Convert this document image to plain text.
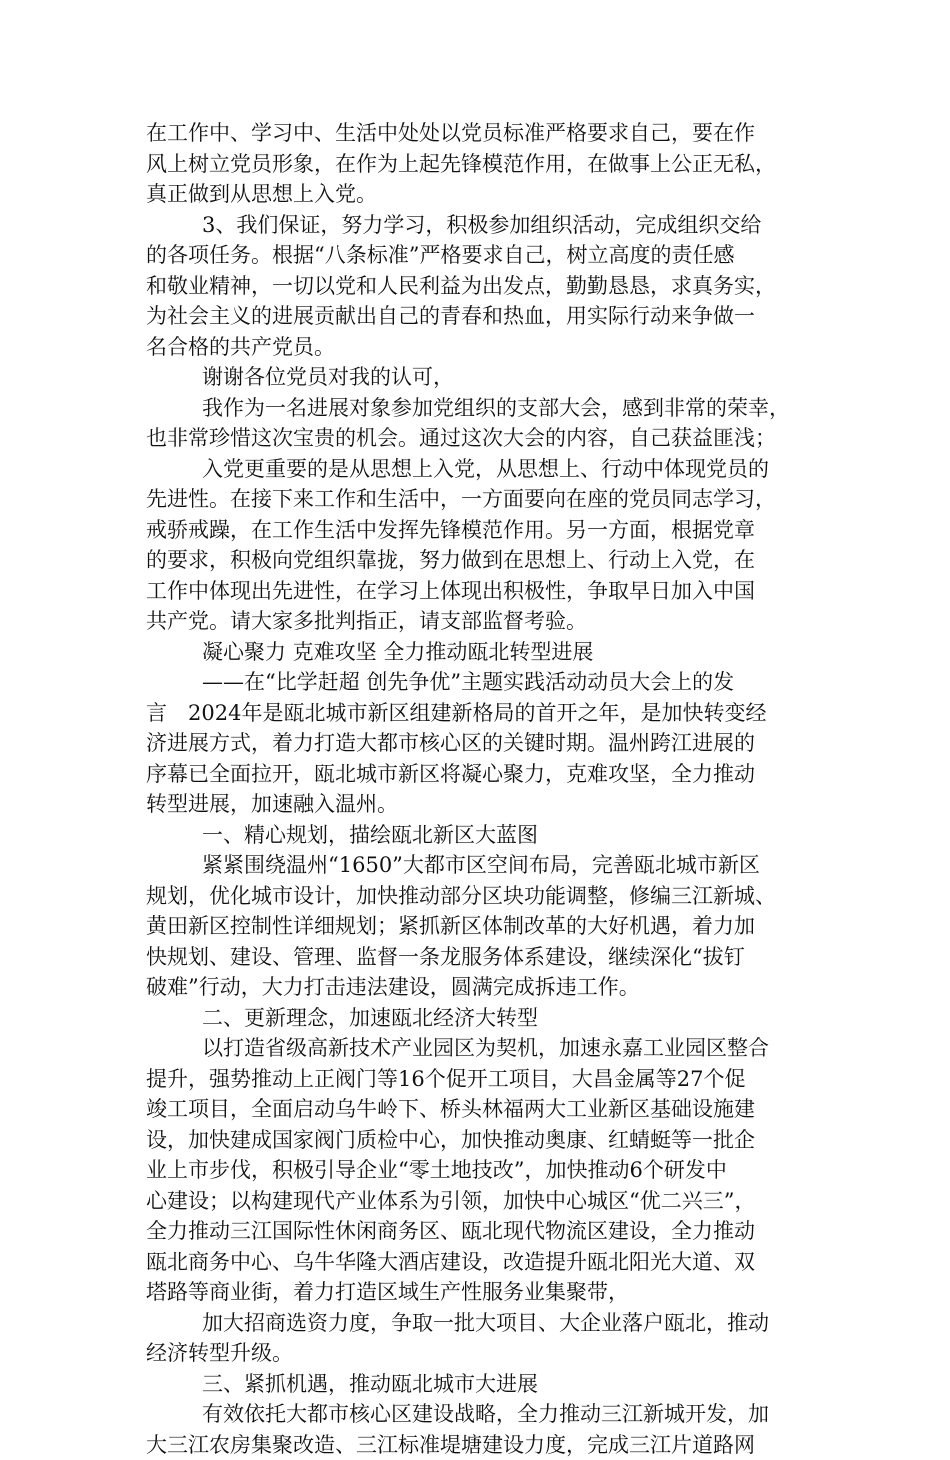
在工作中、学习中、生活中处处以党员标准严格要求自己，要在作
风上树立党员形象，在作为上起先锋模范作用，在做事上公正无私，
真正做到从思想上入党。
3、我们保证，努力学习，积极参加组织活动，完成组织交给
的各项任务。根据“八条标准”严格要求自己，树立高度的责任感
和敬业精神，一切以党和人民利益为出发点，勤勤恳恳，求真务实，
为社会主义的进展贡献出自己的青春和热血，用实际行动来争做一
名合格的共产党员。
谢谢各位党员对我的认可，
我作为一名进展对象参加党组织的支部大会，感到非常的荣幸，
也非常珍惜这次宝贵的机会。通过这次大会的内容，自己获益匪浅；
入党更重要的是从思想上入党，从思想上、行动中体现党员的
先进性。在接下来工作和生活中，一方面要向在座的党员同志学习，
戒骄戒躁，在工作生活中发挥先锋模范作用。另一方面，根据党章
的要求，积极向党组织靠拢，努力做到在思想上、行动上入党，在
工作中体现出先进性，在学习上体现出积极性，争取早日加入中国
共产党。请大家多批判指正，请支部监督考验。
凝心聚力 克难攻坚 全力推动瓯北转型进展
——在“比学赶超 创先争优”主题实践活动动员大会上的发
言　2024年是瓯北城市新区组建新格局的首开之年，是加快转变经
济进展方式，着力打造大都市核心区的关键时期。温州跨江进展的
序幕已全面拉开，瓯北城市新区将凝心聚力，克难攻坚，全力推动
转型进展，加速融入温州。
一、精心规划，描绘瓯北新区大蓝图
紧紧围绕温州“1650”大都市区空间布局，完善瓯北城市新区
规划，优化城市设计，加快推动部分区块功能调整，修编三江新城、
黄田新区控制性详细规划；紧抓新区体制改革的大好机遇，着力加
快规划、建设、管理、监督一条龙服务体系建设，继续深化“拔钉
破难”行动，大力打击违法建设，圆满完成拆违工作。
二、更新理念，加速瓯北经济大转型
以打造省级高新技术产业园区为契机，加速永嘉工业园区整合
提升，强势推动上正阀门等16个促开工项目，大昌金属等27个促
竣工项目，全面启动乌牛岭下、桥头林福两大工业新区基础设施建
设，加快建成国家阀门质检中心，加快推动奥康、红蜻蜓等一批企
业上市步伐，积极引导企业“零土地技改”，加快推动6个研发中
心建设；以构建现代产业体系为引领，加快中心城区“优二兴三”，
全力推动三江国际性休闲商务区、瓯北现代物流区建设，全力推动
瓯北商务中心、乌牛华隆大酒店建设，改造提升瓯北阳光大道、双
塔路等商业街，着力打造区域生产性服务业集聚带，
加大招商选资力度，争取一批大项目、大企业落户瓯北，推动
经济转型升级。
三、紧抓机遇，推动瓯北城市大进展
有效依托大都市核心区建设战略，全力推动三江新城开发，加
大三江农房集聚改造、三江标准堤塘建设力度，完成三江片道路网
